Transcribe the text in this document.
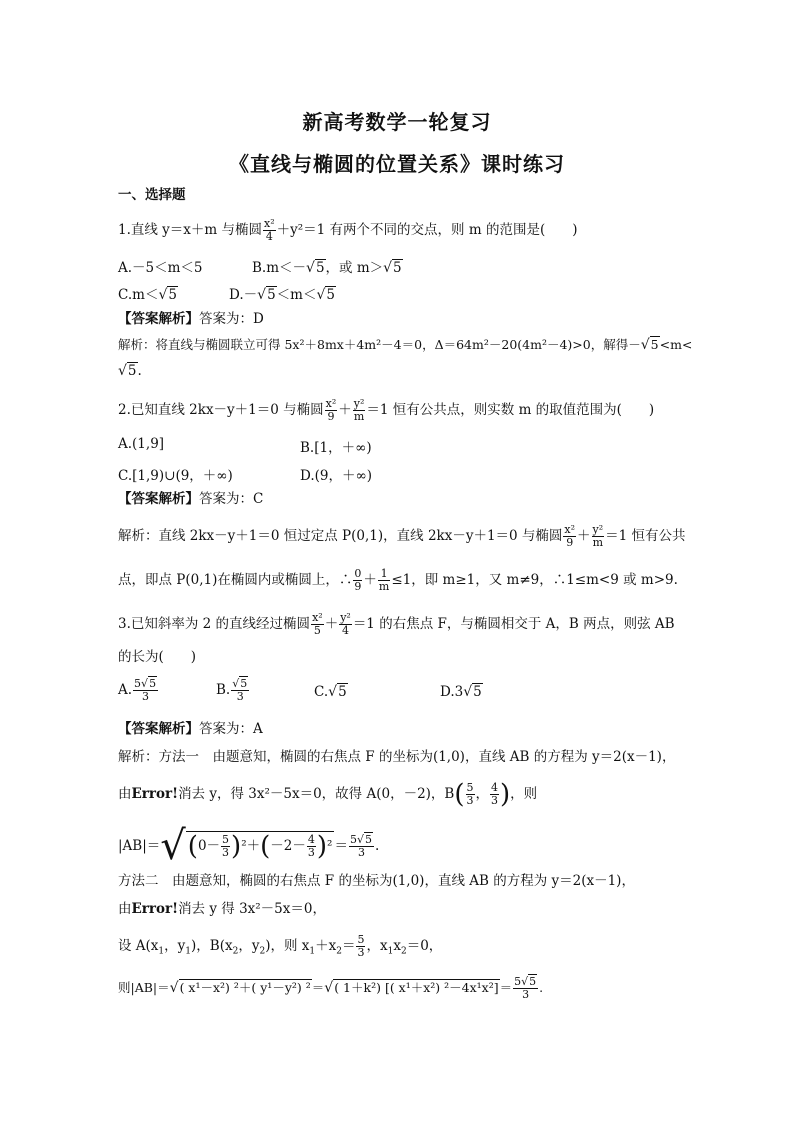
新高考数学一轮复习
《直线与椭圆的位置关系》课时练习
一、选择题
1.直线 y＝x＋m 与椭圆 $\frac{\text{x²}}{4} +y^2=1$ 有两个不同的交点，则 m 的范围是(　　)
A.－5＜m＜5	B.m＜－√5，或 m＞√5
C.m＜√5	D.－√5＜m＜√5
【答案解析】答案为：D
解析：将直线与椭圆联立可得 5x²＋8mx＋4m²－4＝0，Δ＝64m²－20(4m²－4)>0，解得－√5<m<
√5.
2.已知直线 2kx－y＋1＝0 与椭圆 $\frac{\text{x²}}{9} + \frac{\text{y²}}{m} =1$ 恒有公共点，则实数 m 的取值范围为(　　)
A.(1,9]	B.[1，＋∞)
C.[1,9)∪(9，＋∞)	D.(9，＋∞)
【答案解析】答案为：C
解析：直线 2kx－y＋1＝0 恒过定点 P(0,1)，直线 2kx－y＋1＝0 与椭圆 $\frac{\text{x²}}{9} + \frac{\text{y²}}{m} =1$ 恒有公共
点，即点 P(0,1)在椭圆内或椭圆上，∴ $\frac{0}{9} + \frac{1}{m} \le 1$，即 m≥1，又 m≠9，∴1≤m<9 或 m>9.
3.已知斜率为 2 的直线经过椭圆 $\frac{\text{x²}}{5} + \frac{\text{y²}}{4} =1$ 的右焦点 F，与椭圆相交于 A，B 两点，则弦 AB
的长为(　　)
A. $\frac{5√5}{3}$	B. $\frac{√5}{3}$	C.√5	D.3√5
【答案解析】答案为：A
解析：方法一　由题意知，椭圆的右焦点 F 的坐标为(1,0)，直线 AB 的方程为 y＝2(x－1)，
由Error!消去 y，得 3x²－5x＝0，故得 A(0，－2)，$B( \frac{5}{3}$ ， $\frac{4}{3}$ )，则
$|AB|=√(0- \frac{5}{3} )^2+(-2- \frac{4}{3} )^2 = \frac{5√5}{3}$ .
方法二　由题意知，椭圆的右焦点 F 的坐标为(1,0)，直线 AB 的方程为 y＝2(x－1)，
由Error!消去 y 得 3x²－5x＝0，
设 $A(x_1$，$y_1$)，$B(x_2$，$y_2$)，则 $x_1+x_2= \frac{5}{3}$ ，$x_1x_2=0$，
则|AB|＝√( x¹－x²) ²＋( y¹－y²) ²＝√( 1＋k²) [( x¹＋x²) $^2-4x^1x^2]= \frac{5√5}{3}$ .
